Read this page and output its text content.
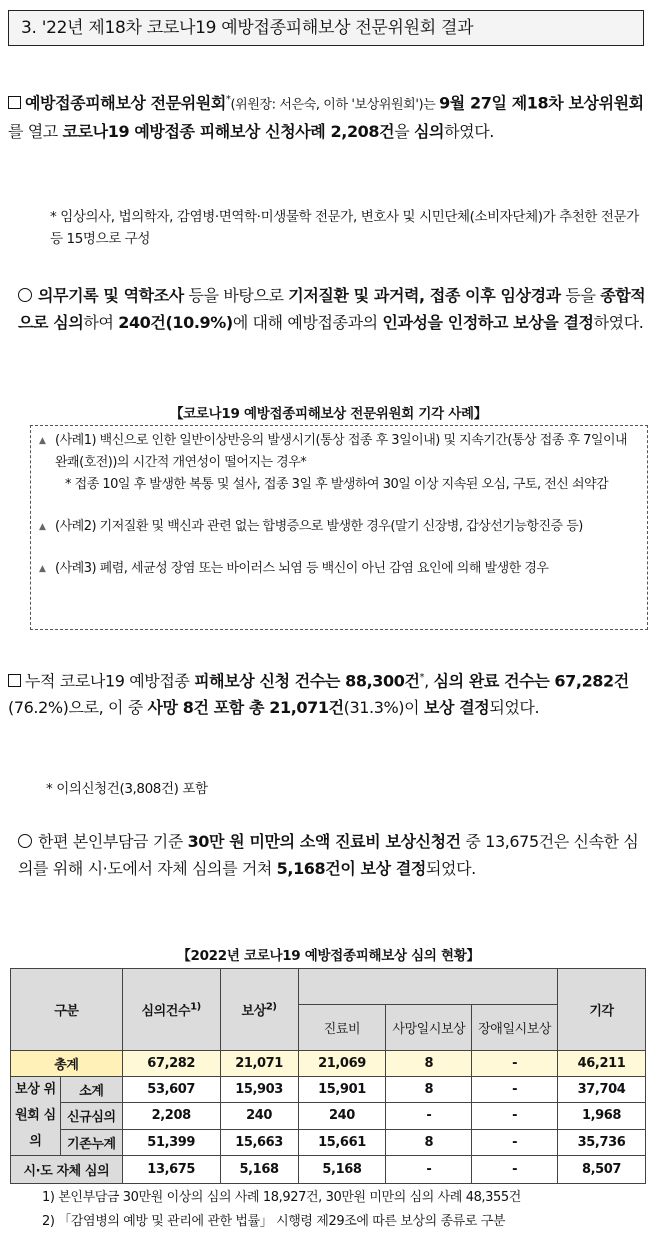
3. '22년 제18차 코로나19 예방접종피해보상 전문위원회 결과
예방접종피해보상 전문위원회*(위원장: 서은숙, 이하 '보상위원회')는 9월 27일 제18차 보상위원회를 열고 코로나19 예방접종 피해보상 신청사례 2,208건을 심의하였다.
* 임상의사, 법의학자, 감염병·면역학·미생물학 전문가, 변호사 및 시민단체(소비자단체)가 추천한 전문가 등 15명으로 구성
의무기록 및 역학조사 등을 바탕으로 기저질환 및 과거력, 접종 이후 임상경과 등을 종합적으로 심의하여 240건(10.9%)에 대해 예방접종과의 인과성을 인정하고 보상을 결정하였다.
【코로나19 예방접종피해보상 전문위원회 기각 사례】
▲ (사례1) 백신으로 인한 일반이상반응의 발생시기(통상 접종 후 3일이내) 및 지속기간(통상 접종 후 7일이내 완쾌(호전))의 시간적 개연성이 떨어지는 경우*
* 접종 10일 후 발생한 복통 및 설사, 접종 3일 후 발생하여 30일 이상 지속된 오심, 구토, 전신 쇠약감
▲ (사례2) 기저질환 및 백신과 관련 없는 합병증으로 발생한 경우(말기 신장병, 갑상선기능항진증 등)
▲ (사례3) 폐렴, 세균성 장염 또는 바이러스 뇌염 등 백신이 아닌 감염 요인에 의해 발생한 경우
누적 코로나19 예방접종 피해보상 신청 건수는 88,300건*, 심의 완료 건수는 67,282건(76.2%)으로, 이 중 사망 8건 포함 총 21,071건(31.3%)이 보상 결정되었다.
* 이의신청건(3,808건) 포함
한편 본인부담금 기준 30만 원 미만의 소액 진료비 보상신청건 중 13,675건은 신속한 심의를 위해 시·도에서 자체 심의를 거쳐 5,168건이 보상 결정되었다.
【2022년 코로나19 예방접종피해보상 심의 현황】
구분		심의건수$^{1)}$	보상$^{2)}$				기각
				진료비	사망일시보상	장애일시보상	
총계		67,282	21,071	21,069	8	-	46,211
보상 위원회 심의	소계	53,607	15,903	15,901	8	-	37,704
	신규심의	2,208	240	240	-	-	1,968
	기존누계	51,399	15,663	15,661	8	-	35,736
시·도 자체 심의		13,675	5,168	5,168	-	-	8,507
1) 본인부담금 30만원 이상의 심의 사례 18,927건, 30만원 미만의 심의 사례 48,355건
2) 「감염병의 예방 및 관리에 관한 법률」 시행령 제29조에 따른 보상의 종류로 구분
